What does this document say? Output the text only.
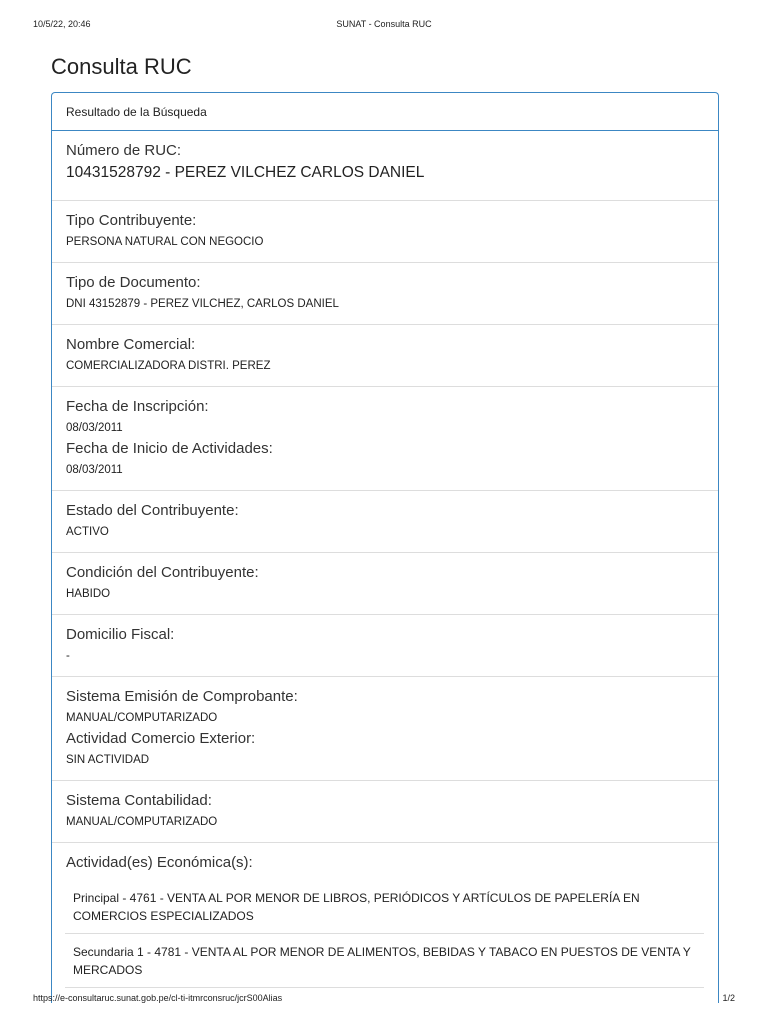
10/5/22, 20:46	SUNAT - Consulta RUC
Consulta RUC
Resultado de la Búsqueda
Número de RUC:
10431528792 - PEREZ VILCHEZ CARLOS DANIEL
Tipo Contribuyente:
PERSONA NATURAL CON NEGOCIO
Tipo de Documento:
DNI 43152879 - PEREZ VILCHEZ, CARLOS DANIEL
Nombre Comercial:
COMERCIALIZADORA DISTRI. PEREZ
Fecha de Inscripción:
08/03/2011
Fecha de Inicio de Actividades:
08/03/2011
Estado del Contribuyente:
ACTIVO
Condición del Contribuyente:
HABIDO
Domicilio Fiscal:
-
Sistema Emisión de Comprobante:
MANUAL/COMPUTARIZADO
Actividad Comercio Exterior:
SIN ACTIVIDAD
Sistema Contabilidad:
MANUAL/COMPUTARIZADO
Actividad(es) Económica(s):
Principal - 4761 - VENTA AL POR MENOR DE LIBROS, PERIÓDICOS Y ARTÍCULOS DE PAPELERÍA EN COMERCIOS ESPECIALIZADOS
Secundaria 1 - 4781 - VENTA AL POR MENOR DE ALIMENTOS, BEBIDAS Y TABACO EN PUESTOS DE VENTA Y MERCADOS
https://e-consultaruc.sunat.gob.pe/cl-ti-itmrconsruc/jcrS00Alias	1/2
